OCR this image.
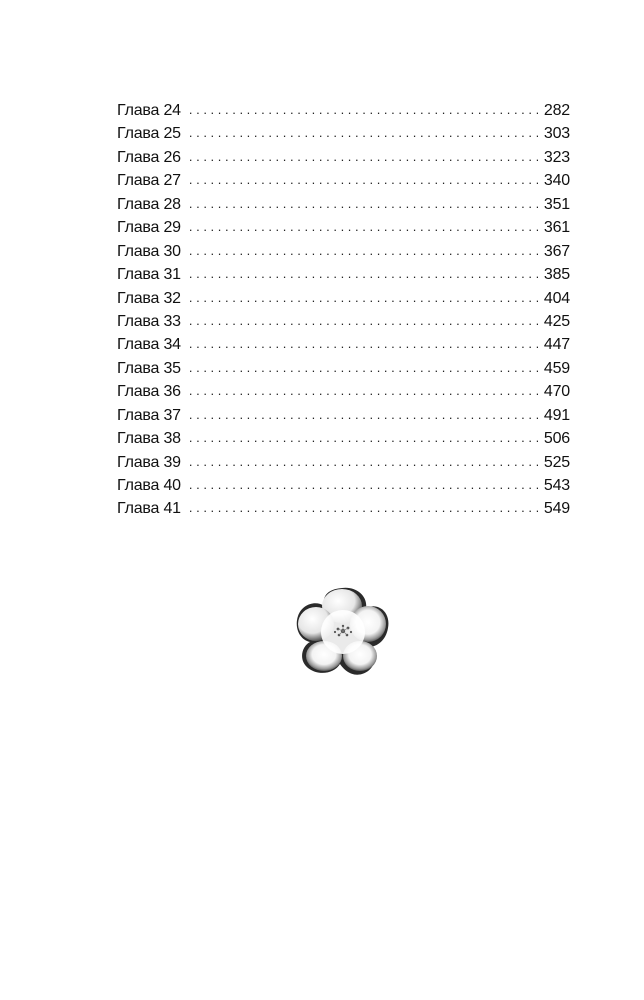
Глава 24 . . .	282
Глава 25 . . .	303
Глава 26 . . .	323
Глава 27 . . .	340
Глава 28 . . .	351
Глава 29 . . .	361
Глава 30 . . .	367
Глава 31 . . .	385
Глава 32 . . .	404
Глава 33 . . .	425
Глава 34 . . .	447
Глава 35 . . .	459
Глава 36 . . .	470
Глава 37 . . .	491
Глава 38 . . .	506
Глава 39 . . .	525
Глава 40 . . .	543
Глава 41 . . .	549
